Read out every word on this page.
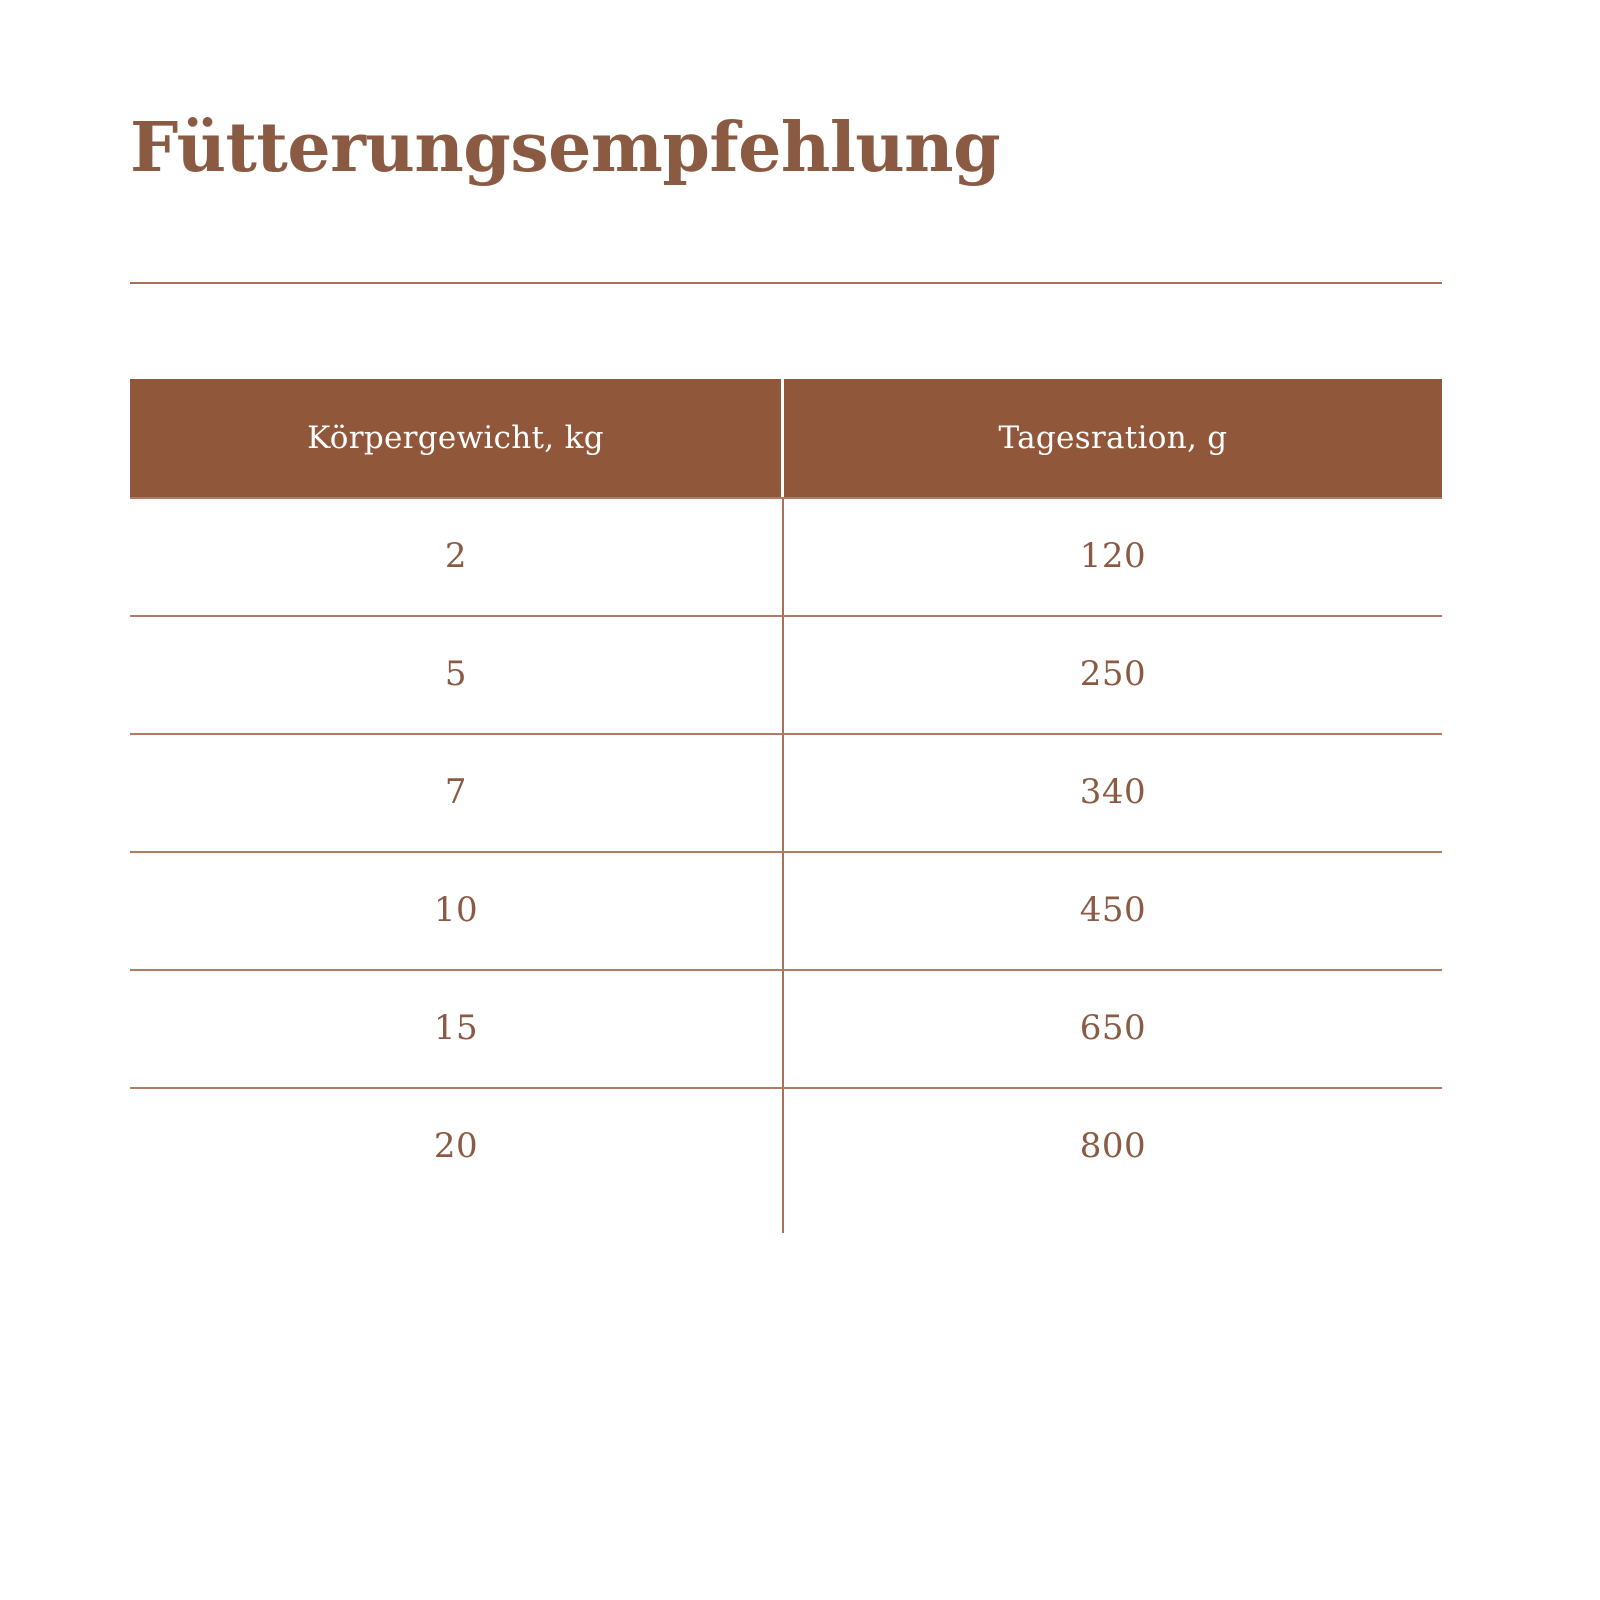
Fütterungsempfehlung
Körpergewicht, kg	Tagesration, g
2	120
5	250
7	340
10	450
15	650
20	800
